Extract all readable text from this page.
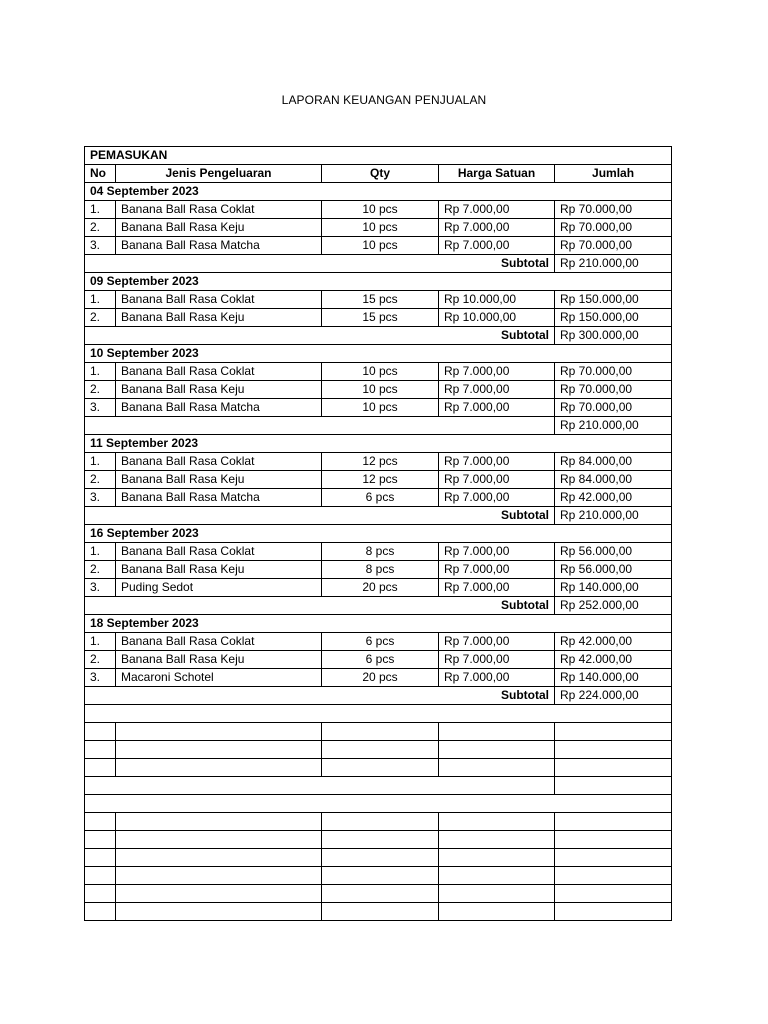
LAPORAN KEUANGAN PENJUALAN
PEMASUKAN				
No	Jenis Pengeluaran	Qty	Harga Satuan	Jumlah
04 September 2023				
1.	Banana Ball Rasa Coklat	10 pcs	Rp 7.000,00	Rp 70.000,00
2.	Banana Ball Rasa Keju	10 pcs	Rp 7.000,00	Rp 70.000,00
3.	Banana Ball Rasa Matcha	10 pcs	Rp 7.000,00	Rp 70.000,00
Subtotal				Rp 210.000,00
09 September 2023				
1.	Banana Ball Rasa Coklat	15 pcs	Rp 10.000,00	Rp 150.000,00
2.	Banana Ball Rasa Keju	15 pcs	Rp 10.000,00	Rp 150.000,00
Subtotal				Rp 300.000,00
10 September 2023				
1.	Banana Ball Rasa Coklat	10 pcs	Rp 7.000,00	Rp 70.000,00
2.	Banana Ball Rasa Keju	10 pcs	Rp 7.000,00	Rp 70.000,00
3.	Banana Ball Rasa Matcha	10 pcs	Rp 7.000,00	Rp 70.000,00
				Rp 210.000,00
11 September 2023				
1.	Banana Ball Rasa Coklat	12 pcs	Rp 7.000,00	Rp 84.000,00
2.	Banana Ball Rasa Keju	12 pcs	Rp 7.000,00	Rp 84.000,00
3.	Banana Ball Rasa Matcha	6 pcs	Rp 7.000,00	Rp 42.000,00
Subtotal				Rp 210.000,00
16 September 2023				
1.	Banana Ball Rasa Coklat	8 pcs	Rp 7.000,00	Rp 56.000,00
2.	Banana Ball Rasa Keju	8 pcs	Rp 7.000,00	Rp 56.000,00
3.	Puding Sedot	20 pcs	Rp 7.000,00	Rp 140.000,00
Subtotal				Rp 252.000,00
18 September 2023				
1.	Banana Ball Rasa Coklat	6 pcs	Rp 7.000,00	Rp 42.000,00
2.	Banana Ball Rasa Keju	6 pcs	Rp 7.000,00	Rp 42.000,00
3.	Macaroni Schotel	20 pcs	Rp 7.000,00	Rp 140.000,00
Subtotal				Rp 224.000,00
